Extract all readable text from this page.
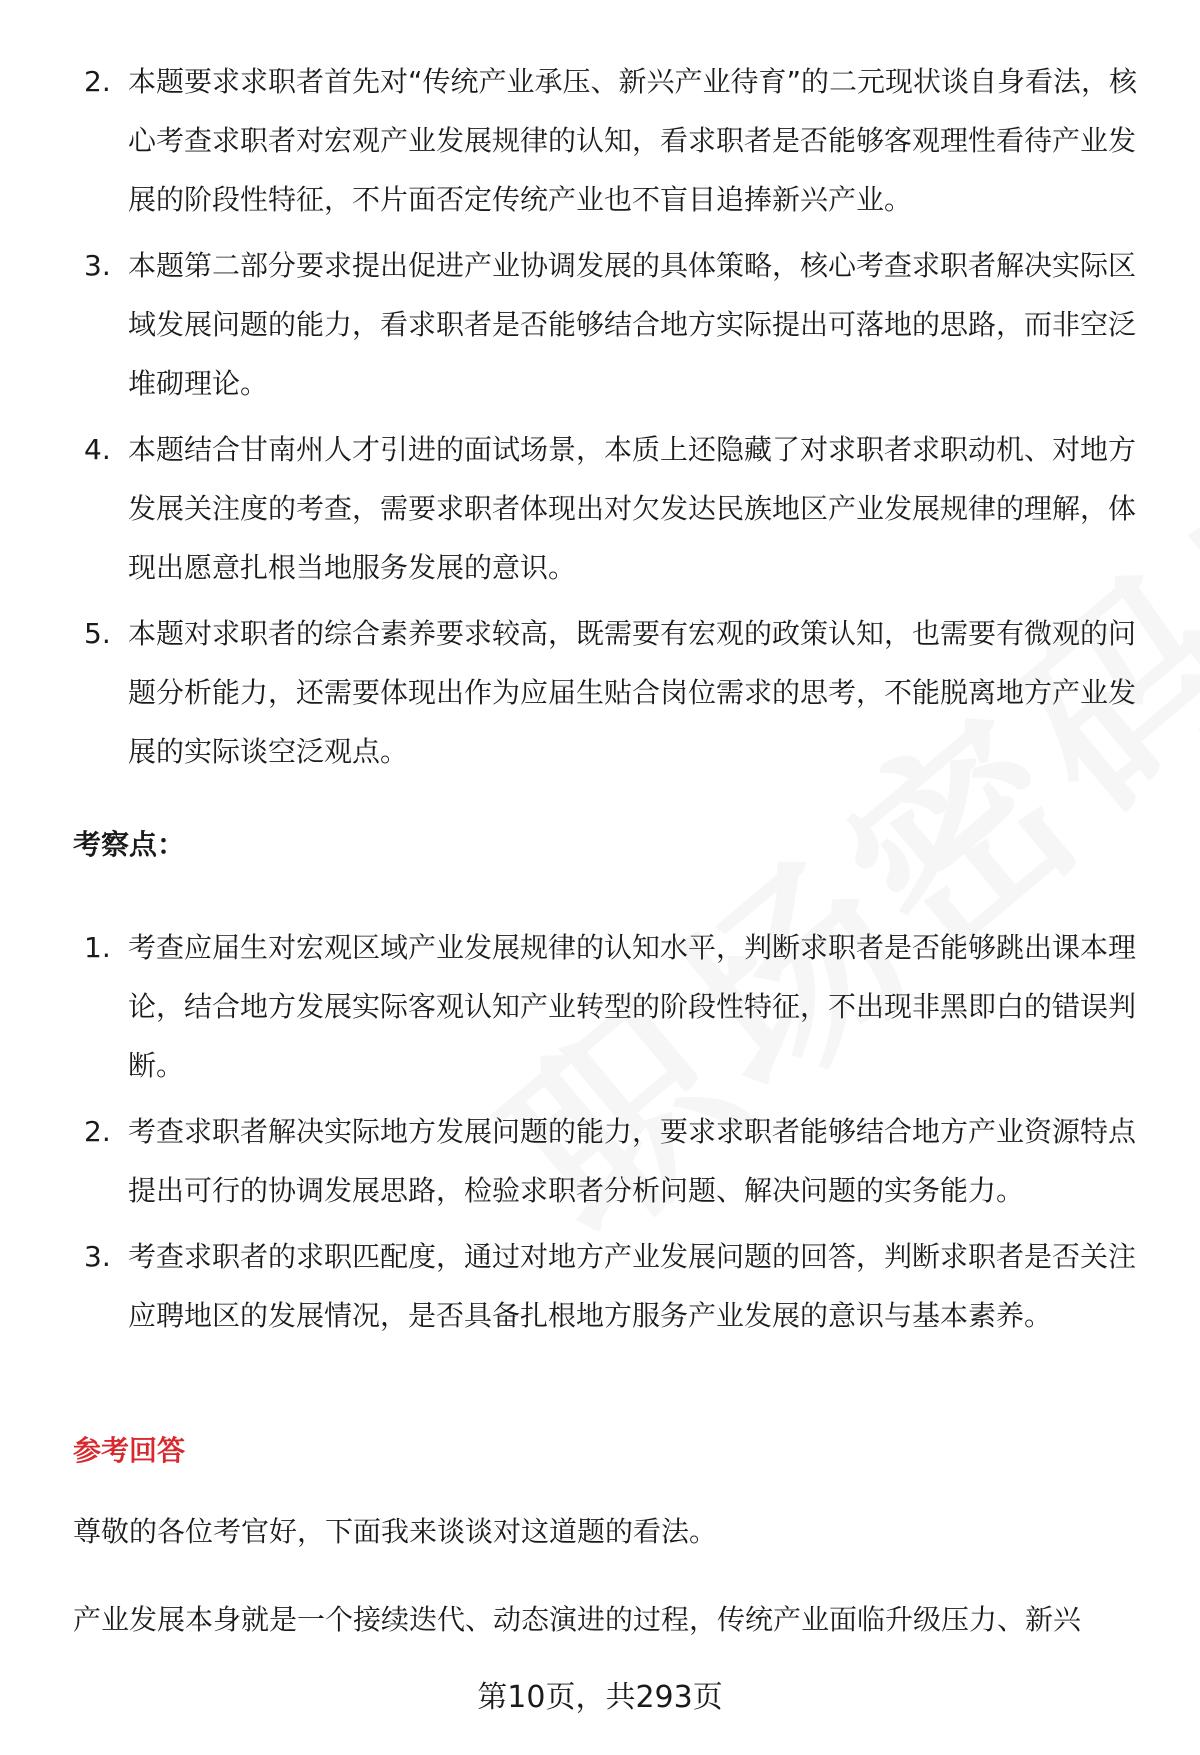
2. 本题要求求职者首先对“传统产业承压、新兴产业待育”的二元现状谈自身看法，核心考查求职者对宏观产业发展规律的认知，看求职者是否能够客观理性看待产业发展的阶段性特征，不片面否定传统产业也不盲目追捧新兴产业。
3. 本题第二部分要求提出促进产业协调发展的具体策略，核心考查求职者解决实际区域发展问题的能力，看求职者是否能够结合地方实际提出可落地的思路，而非空泛堆砌理论。
4. 本题结合甘南州人才引进的面试场景，本质上还隐藏了对求职者求职动机、对地方发展关注度的考查，需要求职者体现出对欠发达民族地区产业发展规律的理解，体现出愿意扎根当地服务发展的意识。
5. 本题对求职者的综合素养要求较高，既需要有宏观的政策认知，也需要有微观的问题分析能力，还需要体现出作为应届生贴合岗位需求的思考，不能脱离地方产业发展的实际谈空泛观点。
考察点：
1. 考查应届生对宏观区域产业发展规律的认知水平，判断求职者是否能够跳出课本理论，结合地方发展实际客观认知产业转型的阶段性特征，不出现非黑即白的错误判断。
2. 考查求职者解决实际地方发展问题的能力，要求求职者能够结合地方产业资源特点提出可行的协调发展思路，检验求职者分析问题、解决问题的实务能力。
3. 考查求职者的求职匹配度，通过对地方产业发展问题的回答，判断求职者是否关注应聘地区的发展情况，是否具备扎根地方服务产业发展的意识与基本素养。
参考回答
尊敬的各位考官好，下面我来谈谈对这道题的看法。
产业发展本身就是一个接续迭代、动态演进的过程，传统产业面临升级压力、新兴
第10页，共293页
